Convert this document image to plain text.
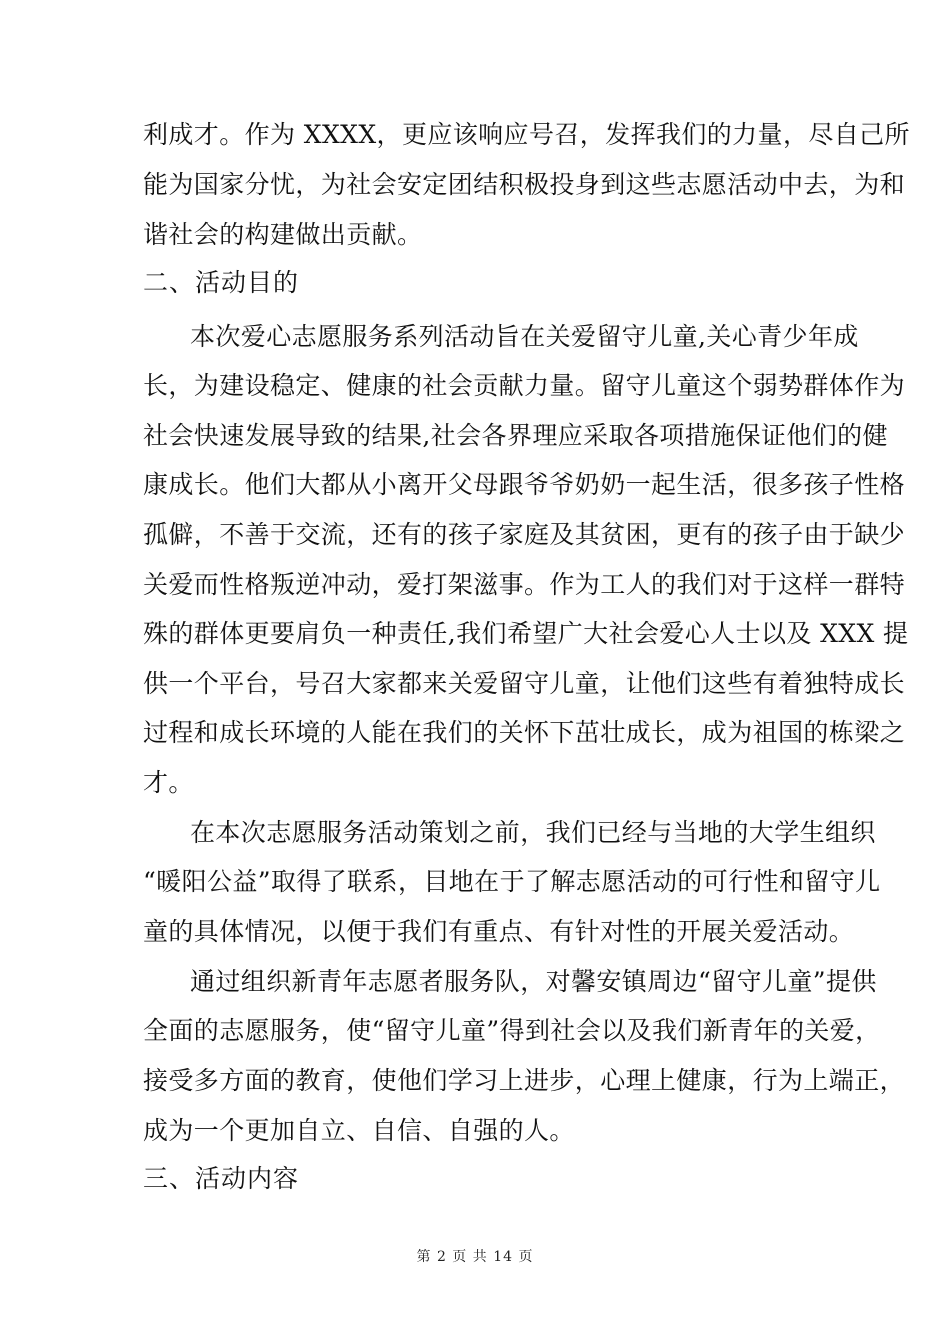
利成才。作为 XXXX，更应该响应号召，发挥我们的力量，尽自己所
能为国家分忧，为社会安定团结积极投身到这些志愿活动中去，为和
谐社会的构建做出贡献。
二、活动目的
本次爱心志愿服务系列活动旨在关爱留守儿童,关心青少年成
长，为建设稳定、健康的社会贡献力量。留守儿童这个弱势群体作为
社会快速发展导致的结果,社会各界理应采取各项措施保证他们的健
康成长。他们大都从小离开父母跟爷爷奶奶一起生活，很多孩子性格
孤僻，不善于交流，还有的孩子家庭及其贫困，更有的孩子由于缺少
关爱而性格叛逆冲动，爱打架滋事。作为工人的我们对于这样一群特
殊的群体更要肩负一种责任,我们希望广大社会爱心人士以及 XXX 提
供一个平台，号召大家都来关爱留守儿童，让他们这些有着独特成长
过程和成长环境的人能在我们的关怀下茁壮成长，成为祖国的栋梁之
才。
在本次志愿服务活动策划之前，我们已经与当地的大学生组织
“暖阳公益”取得了联系，目地在于了解志愿活动的可行性和留守儿
童的具体情况，以便于我们有重点、有针对性的开展关爱活动。
通过组织新青年志愿者服务队，对馨安镇周边“留守儿童”提供
全面的志愿服务，使“留守儿童”得到社会以及我们新青年的关爱，
接受多方面的教育，使他们学习上进步，心理上健康，行为上端正，
成为一个更加自立、自信、自强的人。
三、活动内容
第 2 页 共 14 页
